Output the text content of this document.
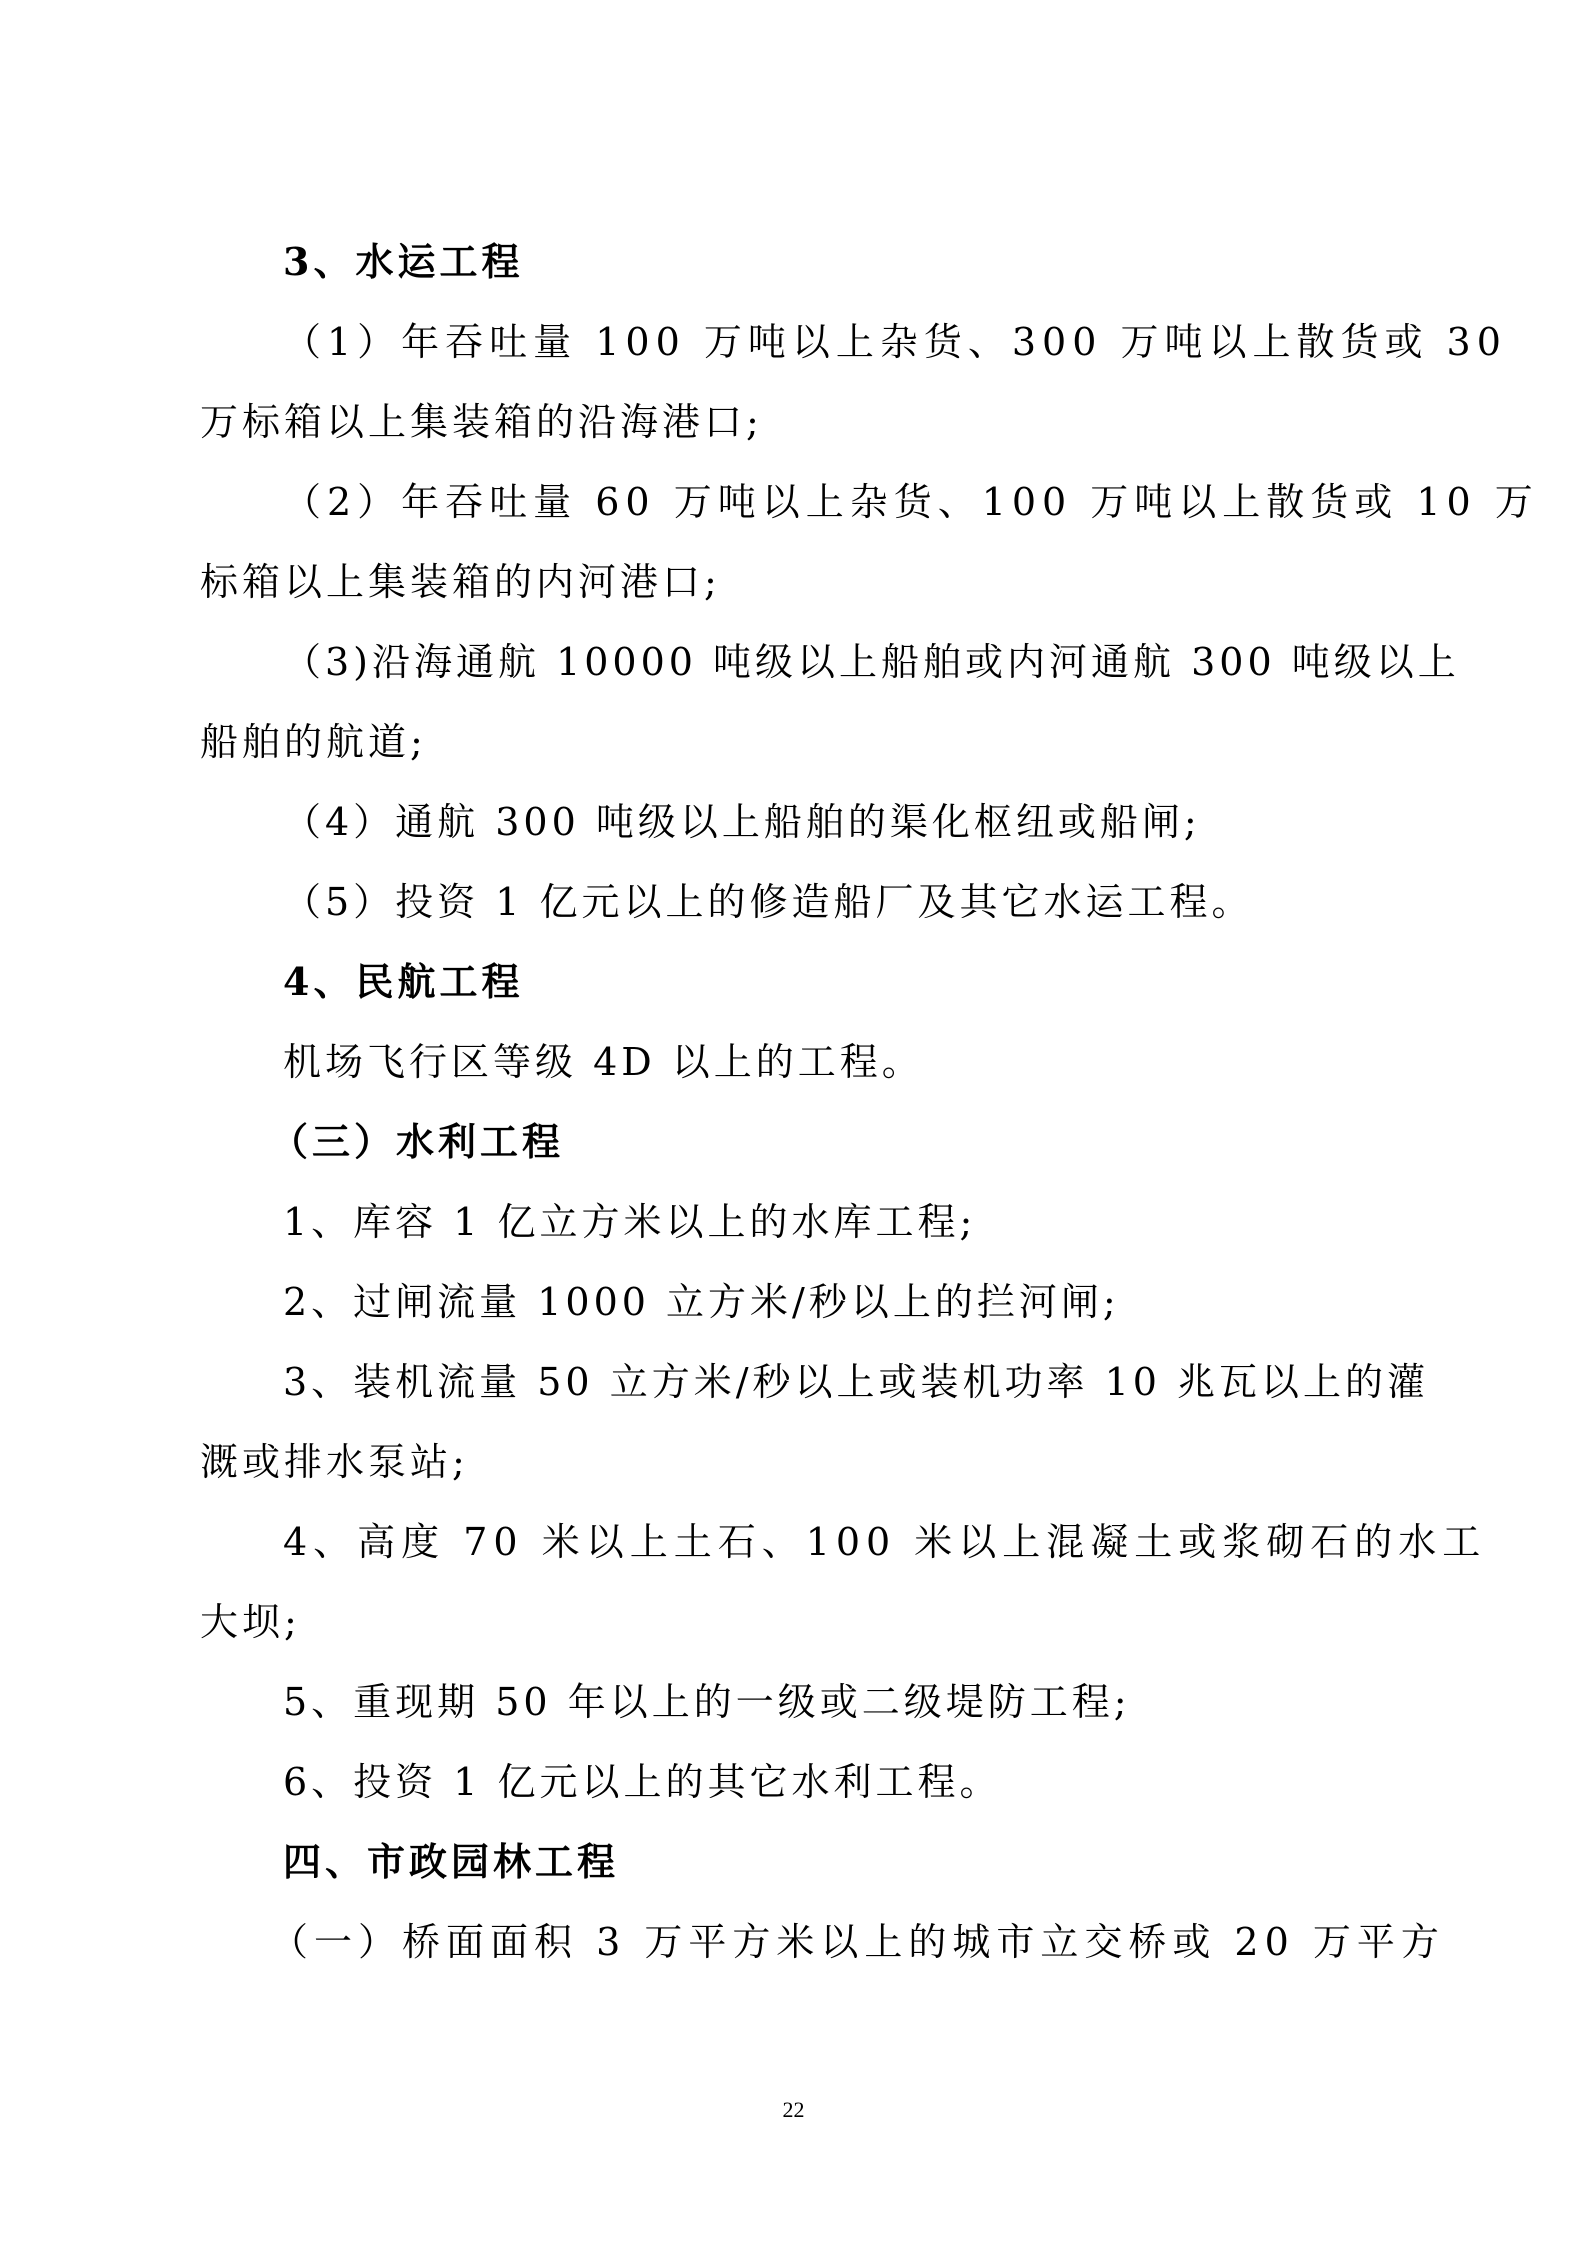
3、水运工程
（1）年吞吐量 100 万吨以上杂货、300 万吨以上散货或 30
万标箱以上集装箱的沿海港口;
（2）年吞吐量 60 万吨以上杂货、100 万吨以上散货或 10 万
标箱以上集装箱的内河港口;
（3)沿海通航 10000 吨级以上船舶或内河通航 300 吨级以上
船舶的航道;
（4）通航 300 吨级以上船舶的渠化枢纽或船闸;
（5）投资 1 亿元以上的修造船厂及其它水运工程。
4、民航工程
机场飞行区等级 4D 以上的工程。
（三）水利工程
1、库容 1 亿立方米以上的水库工程;
2、过闸流量 1000 立方米/秒以上的拦河闸;
3、装机流量 50 立方米/秒以上或装机功率 10 兆瓦以上的灌
溉或排水泵站;
4、高度 70 米以上土石、100 米以上混凝土或浆砌石的水工
大坝;
5、重现期 50 年以上的一级或二级堤防工程;
6、投资 1 亿元以上的其它水利工程。
四、市政园林工程
（一）桥面面积 3 万平方米以上的城市立交桥或 20 万平方
22
